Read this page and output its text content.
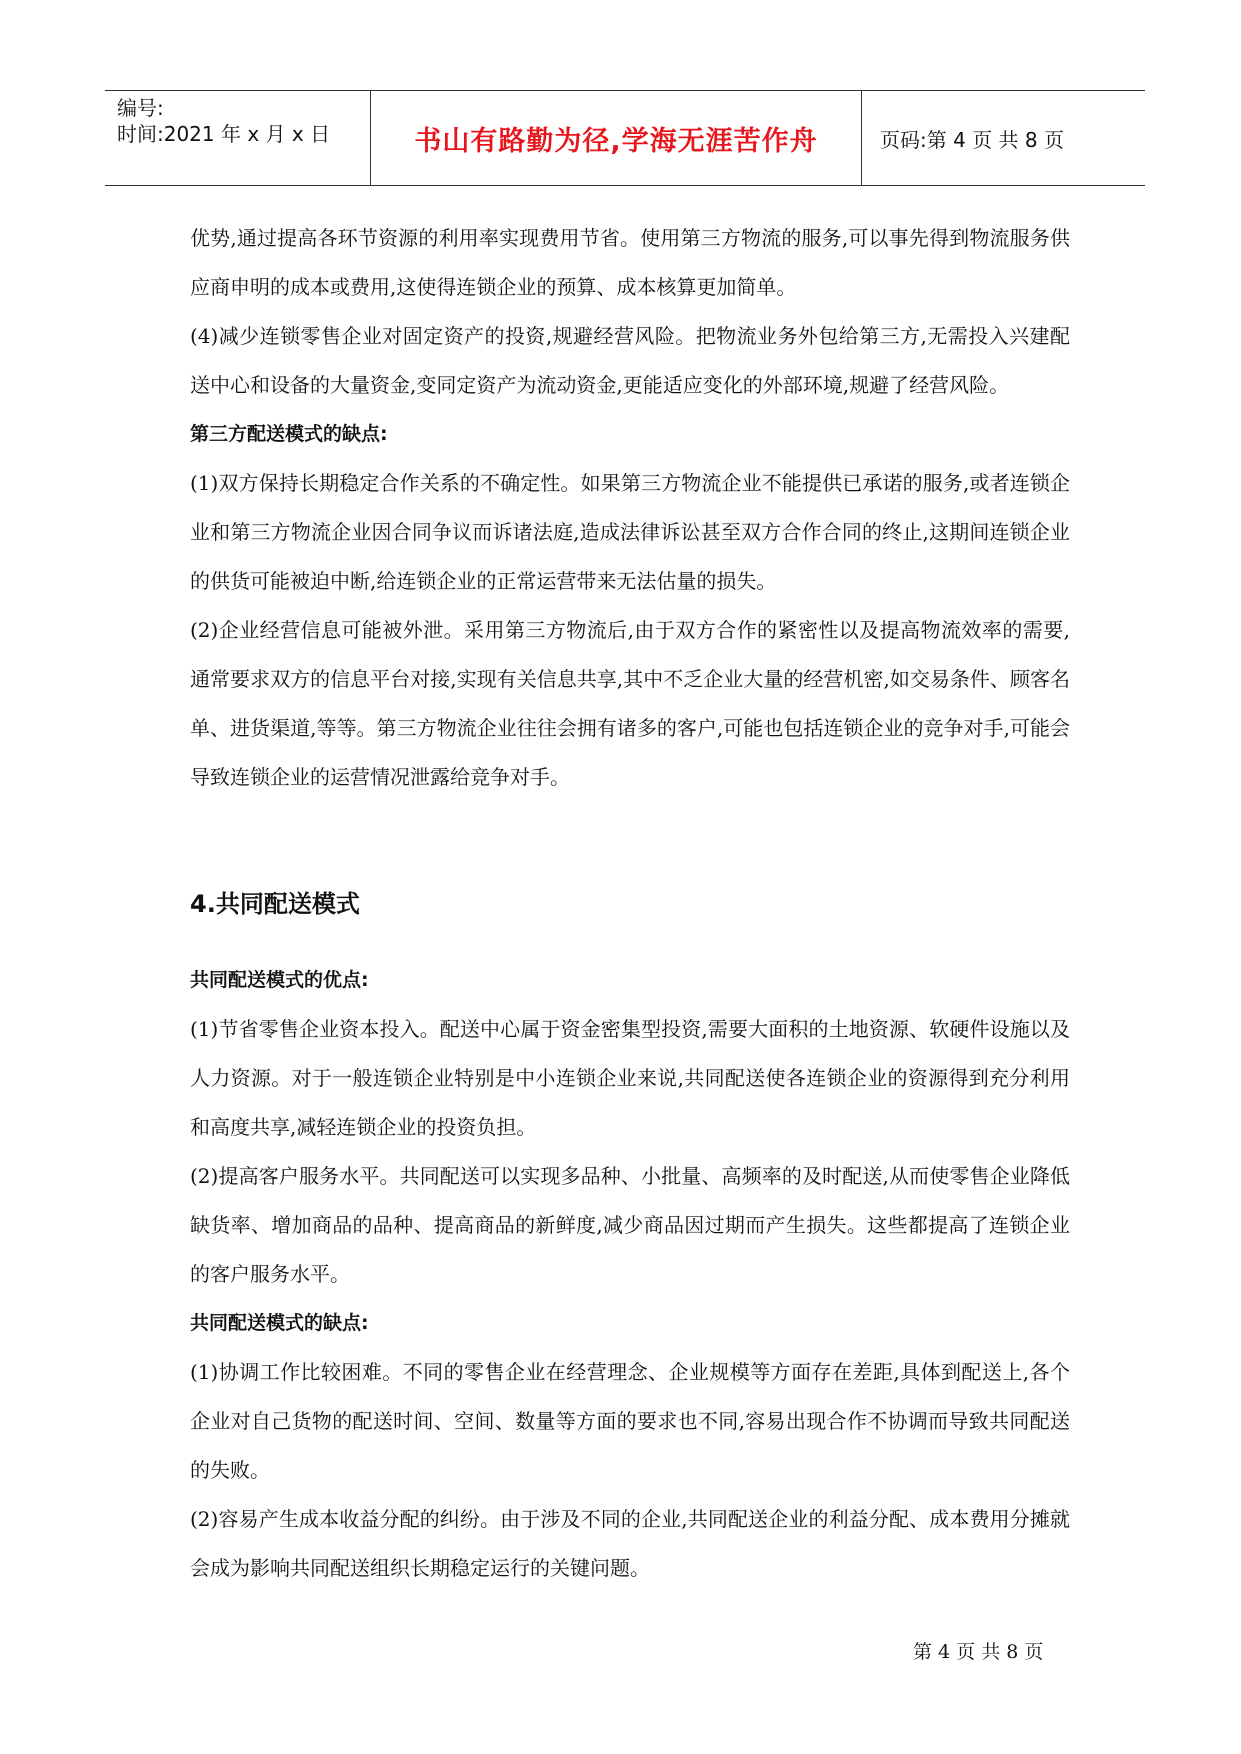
编号:
时间:2021 年 x 月 x 日	书山有路勤为径,学海无涯苦作舟	页码:第 4 页 共 8 页

优势,通过提高各环节资源的利用率实现费用节省。使用第三方物流的服务,可以事先得到物流服务供应商申明的成本或费用,这使得连锁企业的预算、成本核算更加简单。

(4)减少连锁零售企业对固定资产的投资,规避经营风险。把物流业务外包给第三方,无需投入兴建配送中心和设备的大量资金,变同定资产为流动资金,更能适应变化的外部环境,规避了经营风险。

第三方配送模式的缺点:

(1)双方保持长期稳定合作关系的不确定性。如果第三方物流企业不能提供已承诺的服务,或者连锁企业和第三方物流企业因合同争议而诉诸法庭,造成法律诉讼甚至双方合作合同的终止,这期间连锁企业的供货可能被迫中断,给连锁企业的正常运营带来无法估量的损失。

(2)企业经营信息可能被外泄。采用第三方物流后,由于双方合作的紧密性以及提高物流效率的需要,通常要求双方的信息平台对接,实现有关信息共享,其中不乏企业大量的经营机密,如交易条件、顾客名单、进货渠道,等等。第三方物流企业往往会拥有诸多的客户,可能也包括连锁企业的竞争对手,可能会导致连锁企业的运营情况泄露给竞争对手。

4.共同配送模式

共同配送模式的优点:

(1)节省零售企业资本投入。配送中心属于资金密集型投资,需要大面积的土地资源、软硬件设施以及人力资源。对于一般连锁企业特别是中小连锁企业来说,共同配送使各连锁企业的资源得到充分利用和高度共享,减轻连锁企业的投资负担。

(2)提高客户服务水平。共同配送可以实现多品种、小批量、高频率的及时配送,从而使零售企业降低缺货率、增加商品的品种、提高商品的新鲜度,减少商品因过期而产生损失。这些都提高了连锁企业的客户服务水平。

共同配送模式的缺点:

(1)协调工作比较困难。不同的零售企业在经营理念、企业规模等方面存在差距,具体到配送上,各个企业对自己货物的配送时间、空间、数量等方面的要求也不同,容易出现合作不协调而导致共同配送的失败。

(2)容易产生成本收益分配的纠纷。由于涉及不同的企业,共同配送企业的利益分配、成本费用分摊就会成为影响共同配送组织长期稳定运行的关键问题。

第 4 页 共 8 页
